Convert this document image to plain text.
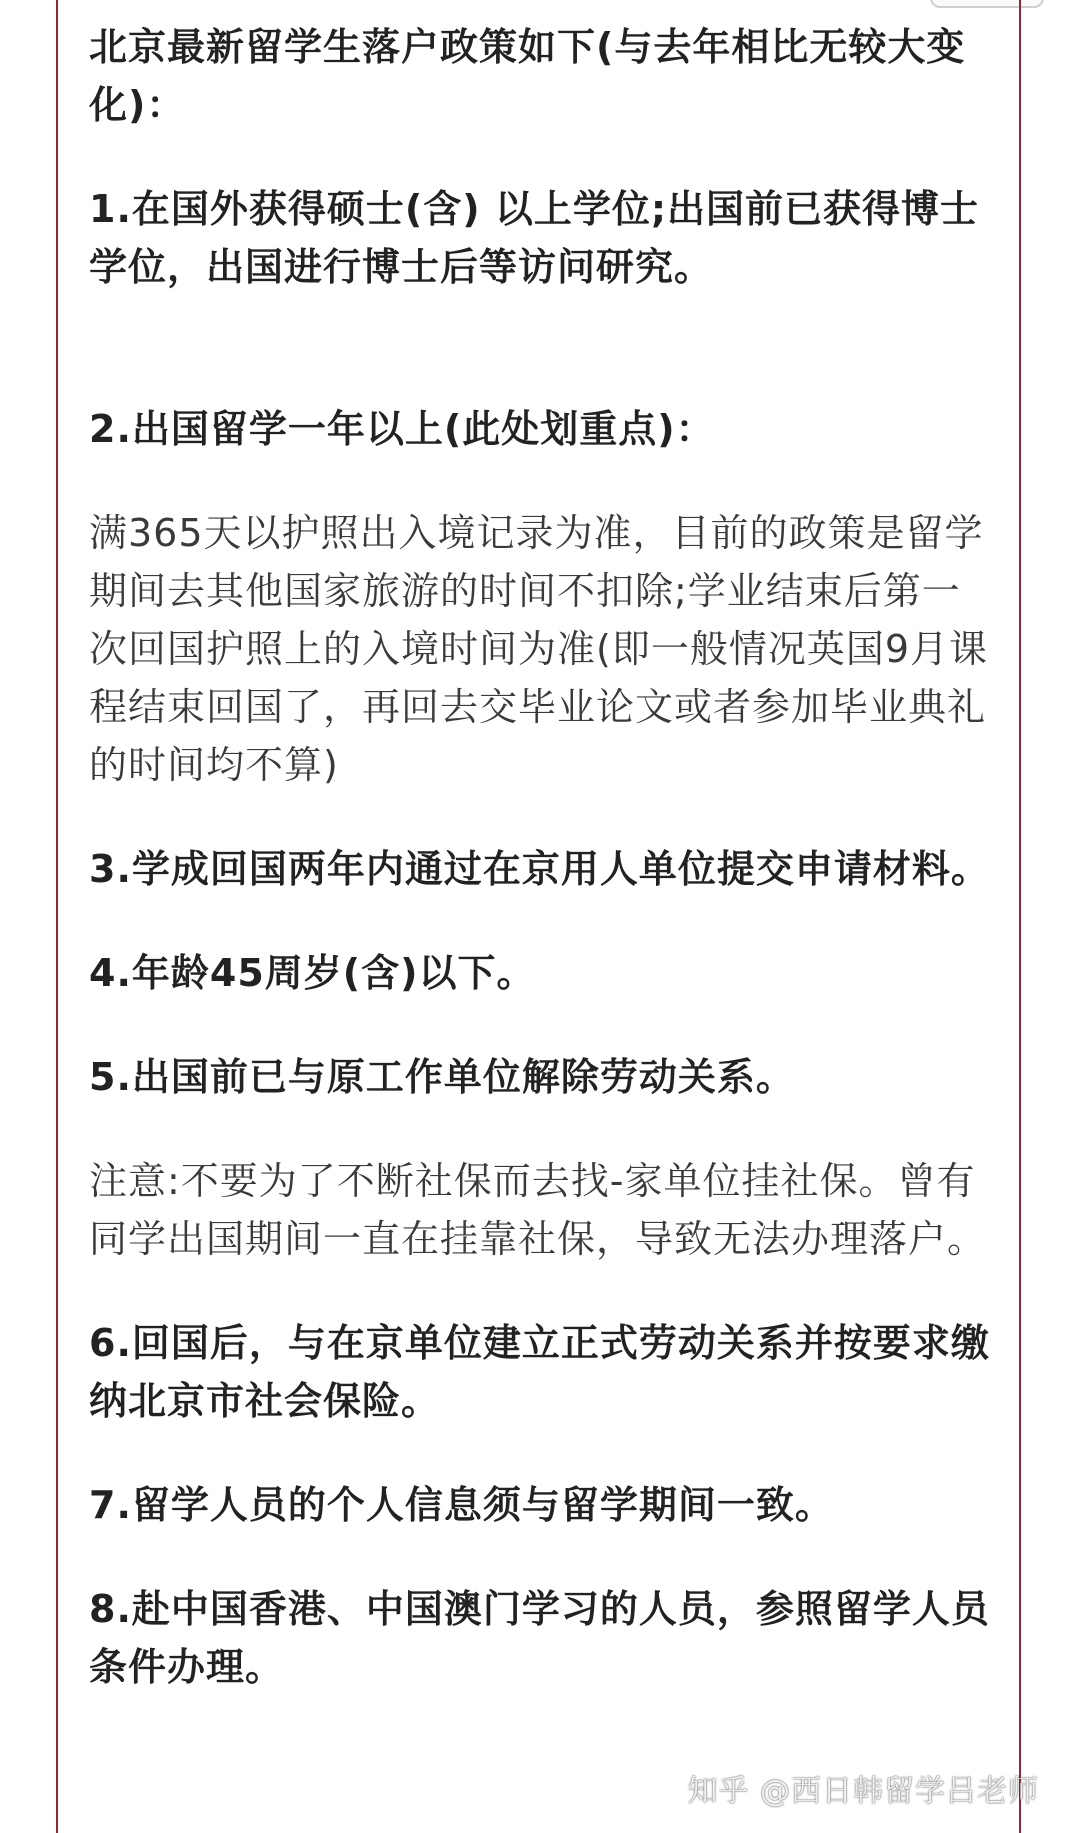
北京最新留学生落户政策如下(与去年相比无较大变化)：

1.在国外获得硕士(含) 以上学位;出国前已获得博士学位，出国进行博士后等访问研究。

2.出国留学一年以上(此处划重点)：

满365天以护照出入境记录为准，目前的政策是留学期间去其他国家旅游的时间不扣除;学业结束后第一次回国护照上的入境时间为准(即一般情况英国9月课程结束回国了，再回去交毕业论文或者参加毕业典礼的时间均不算)

3.学成回国两年内通过在京用人单位提交申请材料。

4.年龄45周岁(含)以下。

5.出国前已与原工作单位解除劳动关系。

注意:不要为了不断社保而去找-家单位挂社保。曾有同学出国期间一直在挂靠社保，导致无法办理落户。

6.回国后，与在京单位建立正式劳动关系并按要求缴纳北京市社会保险。

7.留学人员的个人信息须与留学期间一致。

8.赴中国香港、中国澳门学习的人员，参照留学人员条件办理。

知乎 @西日韩留学吕老师
